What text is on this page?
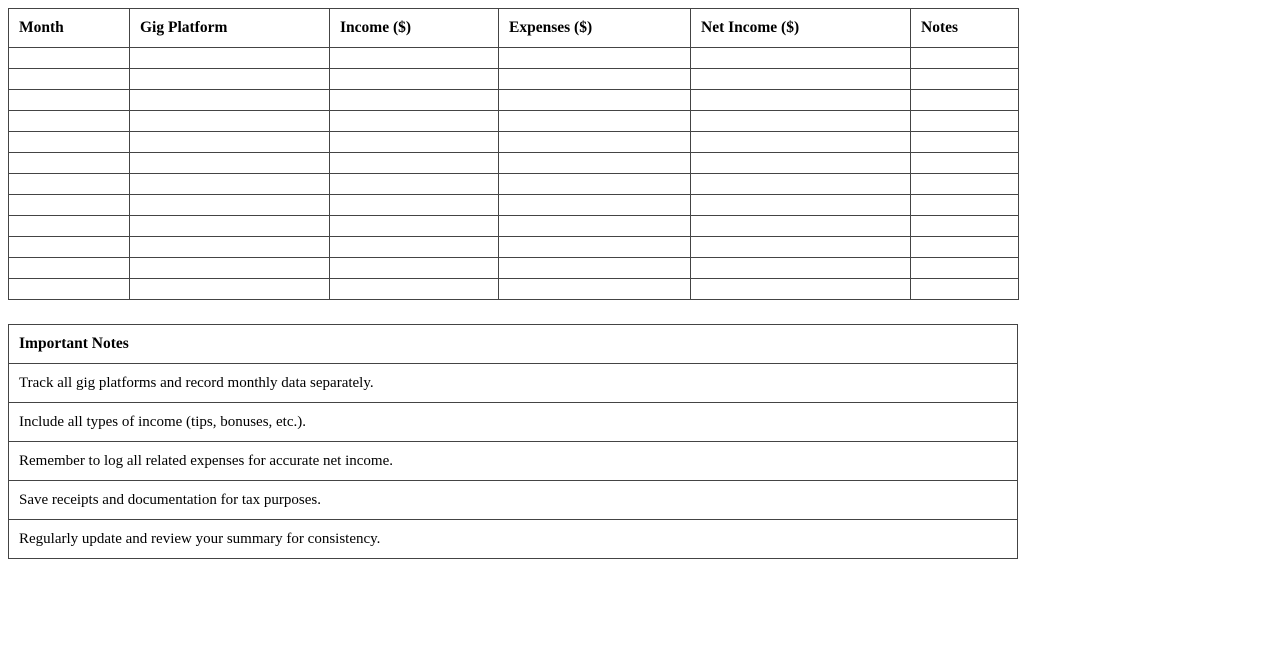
Month	Gig Platform	Income ($)	Expenses ($)	Net Income ($)	Notes

Important Notes
Track all gig platforms and record monthly data separately.
Include all types of income (tips, bonuses, etc.).
Remember to log all related expenses for accurate net income.
Save receipts and documentation for tax purposes.
Regularly update and review your summary for consistency.
